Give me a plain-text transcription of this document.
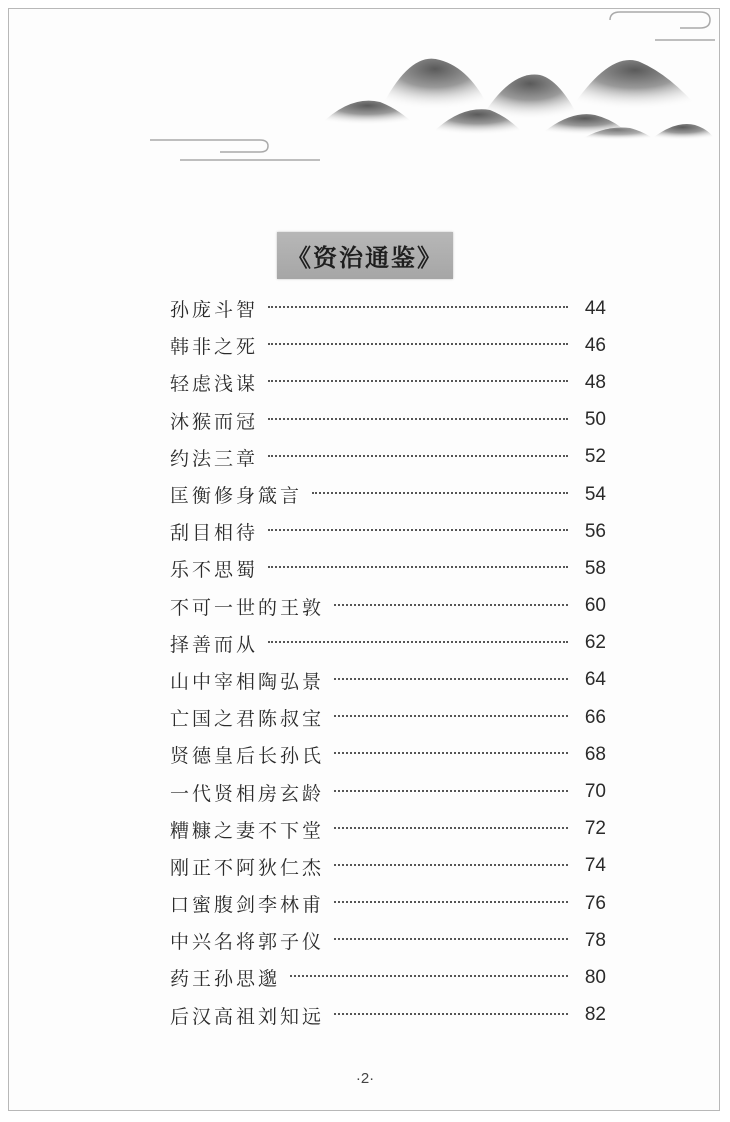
《资治通鉴》
孙庞斗智	44
韩非之死	46
轻虑浅谋	48
沐猴而冠	50
约法三章	52
匡衡修身箴言	54
刮目相待	56
乐不思蜀	58
不可一世的王敦	60
择善而从	62
山中宰相陶弘景	64
亡国之君陈叔宝	66
贤德皇后长孙氏	68
一代贤相房玄龄	70
糟糠之妻不下堂	72
刚正不阿狄仁杰	74
口蜜腹剑李林甫	76
中兴名将郭子仪	78
药王孙思邈	80
后汉高祖刘知远	82
·2·
